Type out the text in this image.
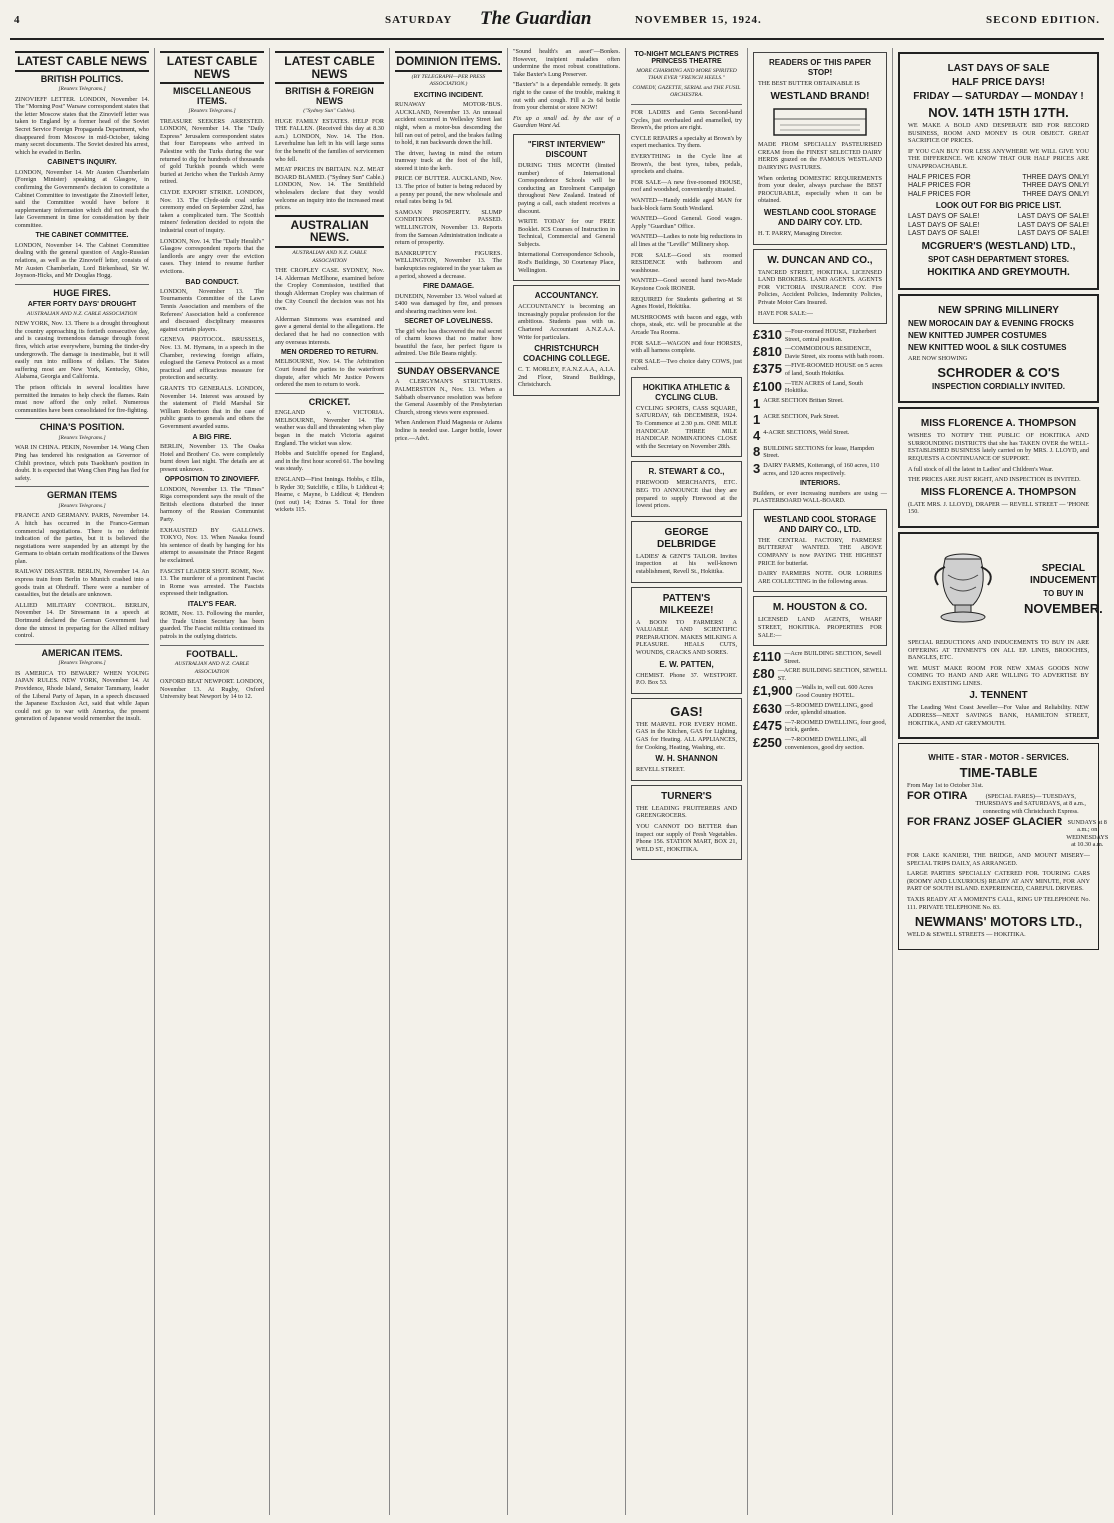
4	SATURDAY The Guardian	NOVEMBER 15, 1924.	SECOND EDITION.
LATEST CABLE NEWS
BRITISH POLITICS.
[Reuters Telegrams.]

ZINOVIEFF LETTER. LONDON, November 14. The "Morning Post" Warsaw correspondent states that the letter Moscow states that the Zinovieff letter was taken to England by a former head of the Soviet Secret Service Foreign Propaganda Department, who disappeared from Moscow in mid-October, taking many secret documents. The Soviet desired his arrest, which he evaded in Berlin.

CABINET'S INQUIRY.

LONDON, November 14. Mr Austen Chamberlain (Foreign Minister) speaking at Glasgow, in confirming the Government's decision to constitute a Cabinet Committee to investigate the Zinovieff letter, said the Committee would have before it supplementary information which did not reach the late Government in time for consideration by their committee.

THE CABINET COMMITTEE.

LONDON, November 14. The Cabinet Committee dealing with the general question of Anglo-Russian relations, as well as the Zinovieff letter, consists of Mr Austen Chamberlain, Lord Birkenhead, Sir W. Joynson-Hicks, and Mr Douglas Hogg.

HUGE FIRES.
AFTER FORTY DAYS' DROUGHT
AUSTRALIAN AND N.Z. CABLE ASSOCIATION

NEW YORK, Nov. 13. There is a drought throughout the country approaching its fortieth consecutive day, and is causing tremendous damage through forest fires, which arise everywhere, burning the tinder-dry undergrowth. The damage is inestimable, but it will easily run into millions of dollars. The States suffering most are New York, Kentucky, Ohio, Alabama, Georgia and California.

The prison officials in several localities have permitted the inmates to help check the flames. Rain must now afford the only relief. Numerous communities have been consolidated for fire-fighting.

CHINA'S POSITION.
[Reuters Telegrams.]

WAR IN CHINA. PEKIN, November 14. Wang Chen Ping has tendered his resignation as Governor of Chihli province, which puts Tsaokhun's position in doubt. It is expected that Wang Chen Ping has fled for safety.

GERMAN ITEMS
[Reuters Telegrams.]

FRANCE AND GERMANY. PARIS, November 14. A hitch has occurred in the Franco-German commercial negotiations. There is no definite indication of the parties, but it is believed the negotiations were suspended by an attempt by the Germans to obtain certain modifications of the Dawes plan.

RAILWAY DISASTER. BERLIN, November 14. An express train from Berlin to Munich crashed into a goods train at Ohrdruff. There were a number of casualties, but the details are unknown.

ALLIED MILITARY CONTROL. BERLIN, November 14. Dr Stresemann in a speech at Dortmund declared the German Government had done the utmost in preparing for the Allied military control.

AMERICAN ITEMS.
[Reuters Telegrams.]

IS AMERICA TO BEWARE? WHEN YOUNG JAPAN RULES. NEW YORK, November 14. At Providence, Rhode Island, Senator Tammany, leader of the Liberal Party of Japan, in a speech discussed the Japanese Exclusion Act, said that while Japan could not go to war with America, the present generation of Japanese would remember the insult.

LATEST CABLE NEWS
MISCELLANEOUS ITEMS.
[Reuters Telegrams.]

TREASURE SEEKERS ARRESTED. LONDON, November 14. The "Daily Express" Jerusalem correspondent states that four Europeans who arrived in Palestine with the Turks during the war returned to dig for hundreds of thousands of gold Turkish pounds which were buried at Jericho when the Turkish Army retired.

CLYDE EXPORT STRIKE. LONDON, Nov. 13. The Clyde-side coal strike ceremony ended on September 22nd, has taken a complicated turn. The Scottish miners' federation decided to rejoin the industrial court of inquiry.

LONDON, Nov. 14. The "Daily Herald's" Glasgow correspondent reports that the landlords are angry over the eviction cases. They intend to resume further evictions.

BAD CONDUCT.

LONDON, November 13. The Tournaments Committee of the Lawn Tennis Association and members of the Referees' Association held a conference and discussed disciplinary measures against certain players.

GENEVA PROTOCOL. BRUSSELS, Nov. 13. M. Hymans, in a speech in the Chamber, reviewing foreign affairs, eulogised the Geneva Protocol as a most practical and efficacious measure for protection and security.

GRANTS TO GENERALS. LONDON, November 14. Interest was aroused by the statement of Field Marshal Sir William Robertson that in the case of public grants to generals and others the Government awarded sums.

A BIG FIRE.

BERLIN, November 13. The Osaka Hotel and Brothers' Co. were completely burnt down last night. The details are at present unknown.

OPPOSITION TO ZINOVIEFF.

LONDON, November 13. The "Times" Riga correspondent says the result of the British elections disturbed the inner harmony of the Russian Communist Party.

EXHAUSTED BY GALLOWS. TOKYO, Nov. 13. When Nasaka found his sentence of death by hanging for his attempt to assassinate the Prince Regent he exclaimed.

FASCIST LEADER SHOT. ROME, Nov. 13. The murderer of a prominent Fascist in Rome was arrested. The Fascists expressed their indignation.

ITALY'S FEAR.

ROME, Nov. 13. Following the murder, the Trade Union Secretary has been guarded. The Fascist militia continued its patrols in the outlying districts.

FOOTBALL.
AUSTRALIAN AND N.Z. CABLE ASSOCIATION

OXFORD BEAT NEWPORT. LONDON, November 13. At Rugby, Oxford University beat Newport by 14 to 12.

LATEST CABLE NEWS
BRITISH & FOREIGN NEWS
("Sydney Sun" Cables).

HUGE FAMILY ESTATES. HELP FOR THE FALLEN. (Received this day at 8.30 a.m.) LONDON, Nov. 14. The Hon. Leverhulme has left in his will large sums for the benefit of the families of servicemen who fell.

MEAT PRICES IN BRITAIN. N.Z. MEAT BOARD BLAMED. ("Sydney Sun" Cable.) LONDON, Nov. 14. The Smithfield wholesalers declare that they would welcome an inquiry into the increased meat prices.

AUSTRALIAN NEWS.
AUSTRALIAN AND N.Z. CABLE ASSOCIATION

THE CROPLEY CASE. SYDNEY, Nov. 14. Alderman McElhone, examined before the Cropley Commission, testified that though Alderman Cropley was chairman of the City Council the decision was not his own.

Alderman Simmons was examined and gave a general denial to the allegations. He declared that he had no connection with any overseas interests.

MEN ORDERED TO RETURN.

MELBOURNE, Nov. 14. The Arbitration Court found the parties to the waterfront dispute, after which Mr Justice Powers ordered the men to return to work.

CRICKET.

ENGLAND v. VICTORIA. MELBOURNE, November 14. The weather was dull and threatening when play began in the match Victoria against England. The wicket was slow.

Hobbs and Sutcliffe opened for England, and in the first hour scored 61. The bowling was steady.

ENGLAND—First Innings. Hobbs, c Ellis, b Ryder 30; Sutcliffe, c Ellis, b Liddicut 4; Hearne, c Mayne, b Liddicut 4; Hendren (not out) 14; Extras 5. Total for three wickets 115.

DOMINION ITEMS.
(BY TELEGRAPH—PER PRESS ASSOCIATION.)
EXCITING INCIDENT.

RUNAWAY MOTOR-'BUS. AUCKLAND, November 13. An unusual accident occurred in Wellesley Street last night, when a motor-bus descending the hill ran out of petrol, and the brakes failing to hold, it ran backwards down the hill.

The driver, having in mind the return tramway track at the foot of the hill, steered it into the kerb.

PRICE OF BUTTER. AUCKLAND, Nov. 13. The price of butter is being reduced by a penny per pound, the new wholesale and retail rates being 1s 9d.

SAMOAN PROSPERITY. SLUMP CONDITIONS PASSED. WELLINGTON, November 13. Reports from the Samoan Administration indicate a return of prosperity.

BANKRUPTCY FIGURES. WELLINGTON, November 13. The bankruptcies registered in the year taken as a period, showed a decrease.

FIRE DAMAGE.

DUNEDIN, November 13. Wool valued at £400 was damaged by fire, and presses and shearing machines were lost.

SECRET OF LOVELINESS.

The girl who has discovered the real secret of charm knows that no matter how beautiful the face, her perfect figure is admired. Use Bile Beans nightly.

SUNDAY OBSERVANCE

A CLERGYMAN'S STRICTURES. PALMERSTON N., Nov. 13. When a Sabbath observance resolution was before the General Assembly of the Presbyterian Church, strong views were expressed.

When Anderson Fluid Magnesia or Adams Iodine is needed use. Larger bottle, lower price.—Advt.

"Sound health's an asset"—Bonkes. However, insipient maladies often undermine the most robust constitutions. Take Baxter's Lung Preserver.

"Baxter's" is a dependable remedy. It gets right to the cause of the trouble, making it out with and cough. Fill a 2s 6d bottle from your chemist or store NOW!

Fix up a small ad. by the use of a Guardian Want Ad.

"FIRST INTERVIEW" DISCOUNT

DURING THIS MONTH (limited number) of International Correspondence Schools will be conducting an Enrolment Campaign throughout New Zealand. Instead of paying a call, each student receives a discount.

WRITE TODAY for our FREE Booklet. ICS Courses of Instruction in Technical, Commercial and General Subjects.

International Correspondence Schools, Rod's Buildings, 30 Courtenay Place, Wellington.

ACCOUNTANCY.

ACCOUNTANCY is becoming an increasingly popular profession for the ambitious. Students pass with us. Chartered Accountant A.N.Z.A.A. Write for particulars.

CHRISTCHURCH COACHING COLLEGE.

C. T. MORLEY, F.A.N.Z.A.A., A.I.A. 2nd Floor, Strand Buildings, Christchurch.

TO-NIGHT MCLEAN'S PICTRES PRINCESS THEATRE
MORE CHARMING AND MORE SPIRITED THAN EVER "FRENCH HEELS."
COMEDY, GAZETTE, SERIAL and THE FUSIL ORCHESTRA.

FOR LADIES and Gents Second-hand Cycles, just overhauled and enamelled, try Brown's, the prices are right.

CYCLE REPAIRS a specialty at Brown's by expert mechanics. Try them.

EVERYTHING in the Cycle line at Brown's, the best tyres, tubes, pedals, sprockets and chains.

FOR SALE—A new five-roomed HOUSE, roof and woodshed, conveniently situated.

WANTED—Handy middle aged MAN for back-block farm South Westland.

WANTED—Good General. Good wages. Apply "Guardian" Office.

WANTED—Ladies to note big reductions in all lines at the "Leville" Millinery shop.

FOR SALE—Good six roomed RESIDENCE with bathroom and washhouse.

WANTED—Good second hand two-Made Keystone Cook IRONER.

REQUIRED for Students gathering at St Agnes Hostel, Hokitika.

MUSHROOMS with bacon and eggs, with chops, steak, etc. will be procurable at the Arcade Tea Rooms.

FOR SALE—WAGON and four HORSES, with all harness complete.

FOR SALE—Two choice dairy COWS, just calved.

HOKITIKA ATHLETIC & CYCLING CLUB.

CYCLING SPORTS, CASS SQUARE, SATURDAY, 6th DECEMBER, 1924. To Commence at 2.30 p.m. ONE MILE HANDICAP. THREE MILE HANDICAP. NOMINATIONS CLOSE with the Secretary on November 28th.

R. STEWART & CO.,

FIREWOOD MERCHANTS, ETC. BEG TO ANNOUNCE that they are prepared to supply Firewood at the lowest prices.

GEORGE DELBRIDGE

LADIES' & GENT'S TAILOR. Invites inspection at his well-known establishment, Revell St., Hokitika.

PATTEN'S MILKEEZE!

A BOON TO FARMERS! A VALUABLE AND SCIENTIFIC PREPARATION. MAKES MILKING A PLEASURE. HEALS CUTS, WOUNDS, CRACKS AND SORES.

E. W. PATTEN,

CHEMIST. Phone 37. WESTPORT. P.O. Box 53.

GAS!

THE MARVEL FOR EVERY HOME. GAS in the Kitchen, GAS for Lighting, GAS for Heating. ALL APPLIANCES, for Cooking, Heating, Washing, etc.

W. H. SHANNON

REVELL STREET.

TURNER'S

THE LEADING FRUITERERS AND GREENGROCERS.

YOU CANNOT DO BETTER than inspect our supply of Fresh Vegetables. Phone 156. STATION MART, BOX 21, WELD ST., HOKITIKA.

READERS OF THIS PAPER STOP!

THE BEST BUTTER OBTAINABLE IS

WESTLAND BRAND!

MADE FROM SPECIALLY PASTEURISED CREAM from the FINEST SELECTED DAIRY HERDS grazed on the FAMOUS WESTLAND DAIRYING PASTURES.

When ordering DOMESTIC REQUIREMENTS from your dealer, always purchase the BEST PROCURABLE, especially when it can be obtained.

WESTLAND COOL STORAGE AND DAIRY COY. LTD.

H. T. PARRY, Managing Director.

W. DUNCAN AND CO.,

TANCRED STREET, HOKITIKA. LICENSED LAND BROKERS. LAND AGENTS. AGENTS FOR VICTORIA INSURANCE COY. Fire Policies, Accident Policies, Indemnity Policies, Private Motor Cars Insured.

HAVE FOR SALE:—

£310 —Four-roomed HOUSE, Fitzherbert Street, central position.
£810 —COMMODIOUS RESIDENCE, Davie Street, six rooms with bath room.
£375 —FIVE-ROOMED HOUSE on 5 acres of land, South Hokitika.
£100 —TEN ACRES of Land, South Hokitika.
1 ACRE SECTION Brittan Street.
1 ACRE SECTION, Park Street.
4 4-ACRE SECTIONS, Weld Street.
8 BUILDING SECTIONS for lease, Hampden Street.
3 DAIRY FARMS, Koiterangi, of 160 acres, 110 acres, and 120 acres respectively.
INTERIORS.

Builders, or ever increasing numbers are using — PLASTERBOARD WALL-BOARD.

WESTLAND COOL STORAGE AND DAIRY CO., LTD.

THE CENTRAL FACTORY, FARMERS! BUTTERFAT WANTED. THE ABOVE COMPANY is now PAYING THE HIGHEST PRICE for butterfat.

DAIRY FARMERS NOTE. OUR LORRIES ARE COLLECTING in the following areas.

M. HOUSTON & CO.

LICENSED LAND AGENTS, WHARF STREET, HOKITIKA. PROPERTIES FOR SALE:—

£110 —Acre BUILDING SECTION, Sewell Street.
£80 —ACRE BUILDING SECTION, SEWELL ST.
£1,900 —Walls in, well cut. 600 Acres Good Country HOTEL.
£630 —5-ROOMED DWELLING, good order, splendid situation.
£475 —7-ROOMED DWELLING, four good, brick, garden.
£250 —7-ROOMED DWELLING, all conveniences, good dry section.
LAST DAYS OF SALE
HALF PRICE DAYS!
FRIDAY — SATURDAY — MONDAY !
NOV. 14TH 15TH 17TH.

WE MAKE A BOLD AND DESPERATE BID FOR RECORD BUSINESS, ROOM AND MONEY IS OUR OBJECT. GREAT SACRIFICE OF PRICES.

IF YOU CAN BUY FOR LESS ANYWHERE WE WILL GIVE YOU THE DIFFERENCE. WE KNOW THAT OUR HALF PRICES ARE UNAPPROACHABLE.

HALF PRICES FOR	THREE DAYS ONLY!
HALF PRICES FOR	THREE DAYS ONLY!
HALF PRICES FOR	THREE DAYS ONLY!
LOOK OUT FOR BIG PRICE LIST.
LAST DAYS OF SALE!	LAST DAYS OF SALE!
LAST DAYS OF SALE!	LAST DAYS OF SALE!
LAST DAYS OF SALE!	LAST DAYS OF SALE!
MCGRUER'S (WESTLAND) LTD.,
SPOT CASH DEPARTMENT STORES.
HOKITIKA AND GREYMOUTH.
NEW SPRING MILLINERY

NEW MOROCAIN DAY & EVENING FROCKS

NEW KNITTED JUMPER COSTUMES

NEW KNITTED WOOL & SILK COSTUMES

ARE NOW SHOWING

SCHRODER & CO'S
INSPECTION CORDIALLY INVITED.
MISS FLORENCE A. THOMPSON

WISHES TO NOTIFY THE PUBLIC OF HOKITIKA AND SURROUNDING DISTRICTS that she has TAKEN OVER the WELL-ESTABLISHED BUSINESS lately carried on by MRS. J. LLOYD, and REQUESTS A CONTINUANCE OF SUPPORT.

A full stock of all the latest in Ladies' and Children's Wear.

THE PRICES ARE JUST RIGHT, AND INSPECTION IS INVITED.

MISS FLORENCE A. THOMPSON

(LATE MRS. J. LLOYD), DRAPER — REVELL STREET — 'PHONE 150.

SPECIAL INDUCEMENT
TO BUY IN
NOVEMBER.

SPECIAL REDUCTIONS AND INDUCEMENTS TO BUY IN ARE OFFERING AT TENNENT'S ON ALL EP. LINES, BROOCHES, BANGLES, ETC.

WE MUST MAKE ROOM FOR NEW XMAS GOODS NOW COMING TO HAND AND ARE WILLING TO ADVERTISE BY TAKING EXISTING LINES.

J. TENNENT

The Leading West Coast Jeweller—For Value and Reliability. NEW ADDRESS—NEXT SAVINGS BANK, HAMILTON STREET, HOKITIKA, AND AT GREYMOUTH.

WHITE - STAR - MOTOR - SERVICES.
TIME-TABLE

From May 1st to October 31st.

FOR OTIRA	(SPECIAL FARES)— TUESDAYS, THURSDAYS and SATURDAYS, at 8 a.m., connecting with Christchurch Express.
FOR FRANZ JOSEF GLACIER SUNDAYS at 8 a.m.; on WEDNESDAYS at 10.30 a.m.

FOR LAKE KANIERI, THE BRIDGE, AND MOUNT MISERY—SPECIAL TRIPS DAILY, AS ARRANGED.

LARGE PARTIES SPECIALLY CATERED FOR. TOURING CARS (ROOMY AND LUXURIOUS) READY AT ANY MINUTE, FOR ANY PART OF SOUTH ISLAND. EXPERIENCED, CAREFUL DRIVERS.

TAXIS READY AT A MOMENT'S CALL, RING UP TELEPHONE No. 111. PRIVATE TELEPHONE No. 83.

NEWMANS' MOTORS LTD.,

WELD & SEWELL STREETS — HOKITIKA.
